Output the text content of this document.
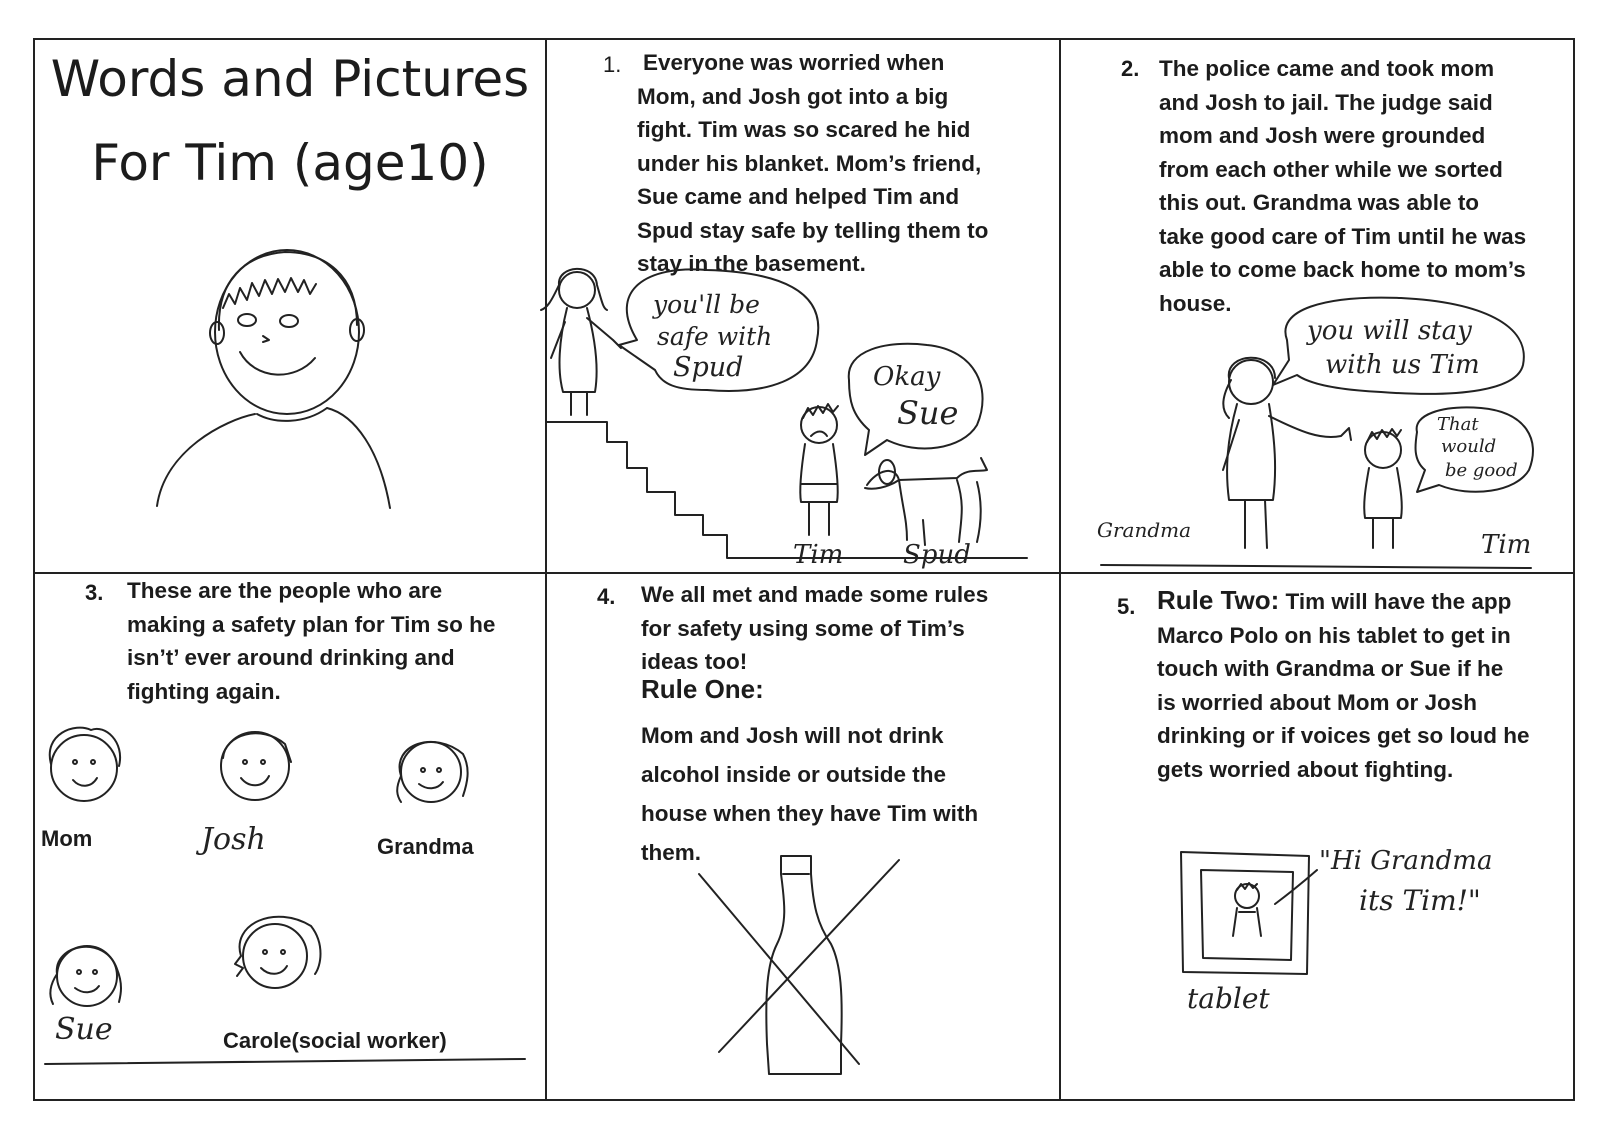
Words and Pictures
For Tim (age10)
1. Everyone was worried when
Mom, and Josh got into a big
fight. Tim was so scared he hid
under his blanket. Mom’s friend,
Sue came and helped Tim and
Spud stay safe by telling them to
stay in the basement.
you'll be
safe with
Spud	Okay
Sue
Tim Spud
2. The police came and took mom
and Josh to jail. The judge said
mom and Josh were grounded
from each other while we sorted
this out. Grandma was able to
take good care of Tim until he was
able to come back home to mom’s
house.
you will stay
with us Tim
That
would
be good
Grandma	Tim
3. These are the people who are
making a safety plan for Tim so he
isn’t’ ever around drinking and
fighting again.
Mom	Josh	Grandma
Sue	Carole(social worker)
4. We all met and made some rules
for safety using some of Tim’s
ideas too!
Rule One:
Mom and Josh will not drink
alcohol inside or outside the
house when they have Tim with
them.
5. Rule Two: Tim will have the app
Marco Polo on his tablet to get in
touch with Grandma or Sue if he
is worried about Mom or Josh
drinking or if voices get so loud he
gets worried about fighting.
"Hi Grandma
its Tim!"
tablet
